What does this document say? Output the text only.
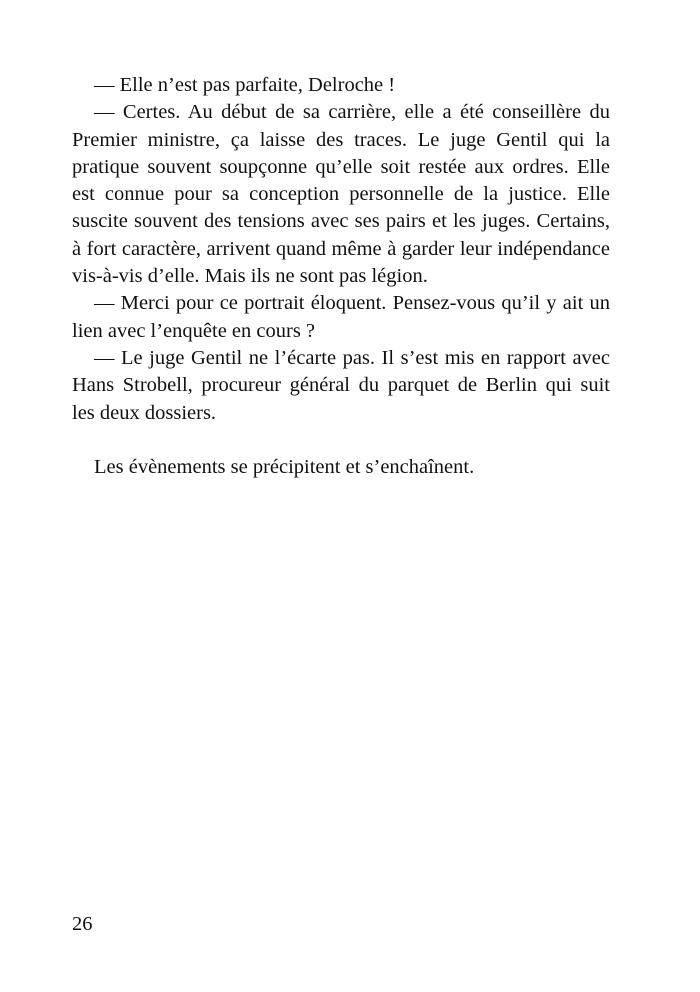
— Elle n’est pas parfaite, Delroche !
— Certes. Au début de sa carrière, elle a été conseillère du
Premier ministre, ça laisse des traces. Le juge Gentil qui la
pratique souvent soupçonne qu’elle soit restée aux ordres. Elle
est connue pour sa conception personnelle de la justice. Elle
suscite souvent des tensions avec ses pairs et les juges. Certains,
à fort caractère, arrivent quand même à garder leur indépendance
vis-à-vis d’elle. Mais ils ne sont pas légion.
— Merci pour ce portrait éloquent. Pensez-vous qu’il y ait un
lien avec l’enquête en cours ?
— Le juge Gentil ne l’écarte pas. Il s’est mis en rapport avec
Hans Strobell, procureur général du parquet de Berlin qui suit
les deux dossiers.
Les évènements se précipitent et s’enchaînent.
26
